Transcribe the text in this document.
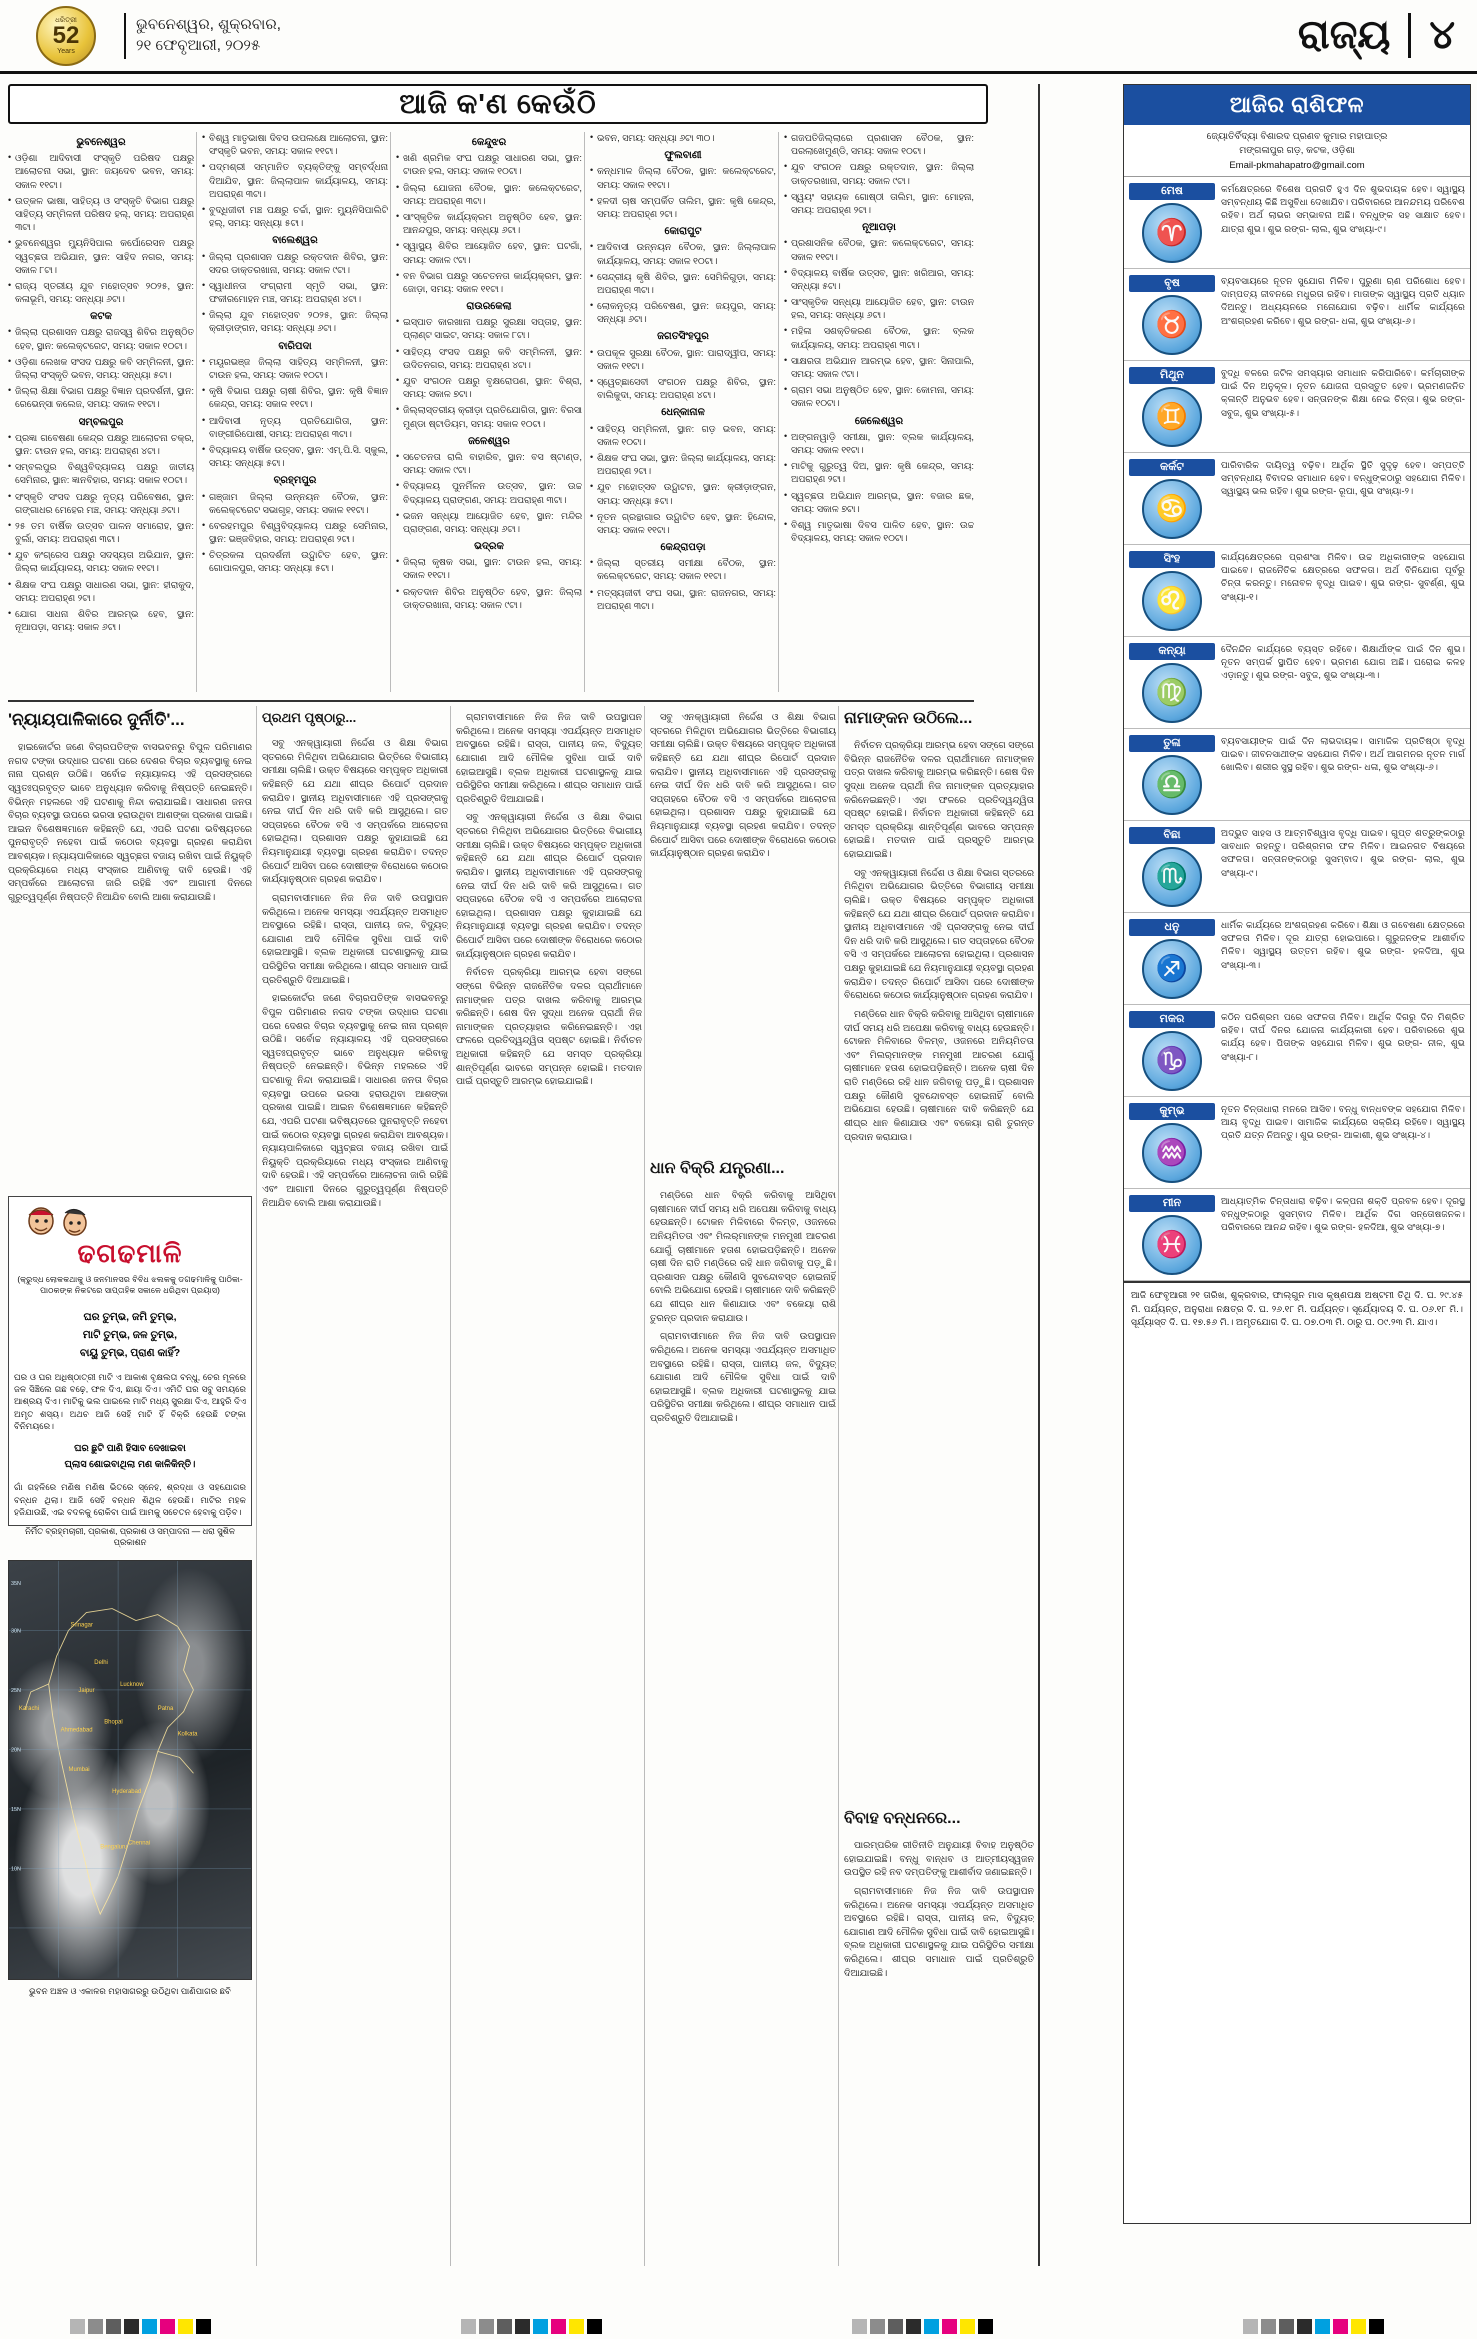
ଧରିତ୍ରୀ
52
Years
ଭୁବନେଶ୍ୱର, ଶୁକ୍ରବାର,
୨୧ ଫେବୃଆରୀ, ୨୦୨୫	ରାଜ୍ୟ ୪
ଆଜି କ'ଣ କେଉଁଠି
ଭୁବନେଶ୍ୱର
• ଓଡ଼ିଶା ଆଦିବାସୀ ସଂସ୍କୃତି ପରିଷଦ ପକ୍ଷରୁ ଆଲୋଚନା ସଭା, ସ୍ଥାନ: ଜୟଦେବ ଭବନ, ସମୟ: ସକାଳ ୧୧ଟା।
• ଉତ୍କଳ ଭାଷା, ସାହିତ୍ୟ ଓ ସଂସ୍କୃତି ବିଭାଗ ପକ୍ଷରୁ ସାହିତ୍ୟ ସମ୍ମିଳନୀ ପରିଷଦ ହଲ୍, ସମୟ: ଅପରାହ୍ଣ ୩ଟା।
• ଭୁବନେଶ୍ୱର ମ୍ୟୁନିସିପାଲ କର୍ପୋରେସନ ପକ୍ଷରୁ ସ୍ୱଚ୍ଛତା ଅଭିଯାନ, ସ୍ଥାନ: ସାହିଦ ନଗର, ସମୟ: ସକାଳ ୮ଟା।
• ରାଜ୍ୟ ସ୍ତରୀୟ ଯୁବ ମହୋତ୍ସବ ୨୦୨୫, ସ୍ଥାନ: କଳାଭୂମି, ସମୟ: ସନ୍ଧ୍ୟା ୬ଟା।
କଟକ
• ଜିଲ୍ଲା ପ୍ରଶାସନ ପକ୍ଷରୁ ରାଜସ୍ୱ ଶିବିର ଅନୁଷ୍ଠିତ ହେବ, ସ୍ଥାନ: କଲେକ୍ଟରେଟ, ସମୟ: ସକାଳ ୧୦ଟା।
• ଓଡ଼ିଶା ଲେଖକ ସଂସଦ ପକ୍ଷରୁ କବି ସମ୍ମିଳନୀ, ସ୍ଥାନ: ଜିଲ୍ଲା ସଂସ୍କୃତି ଭବନ, ସମୟ: ସନ୍ଧ୍ୟା ୫ଟା।
• ଜିଲ୍ଲା ଶିକ୍ଷା ବିଭାଗ ପକ୍ଷରୁ ବିଜ୍ଞାନ ପ୍ରଦର୍ଶନୀ, ସ୍ଥାନ: ରେଭେନ୍ସା କଲେଜ, ସମୟ: ସକାଳ ୧୧ଟା।
ସମ୍ବଲପୁର
• ପ୍ରଜ୍ଞା ଗବେଷଣା କେନ୍ଦ୍ର ପକ୍ଷରୁ ଆଲୋଚନା ଚକ୍ର, ସ୍ଥାନ: ଟାଉନ ହଲ, ସମୟ: ଅପରାହ୍ଣ ୪ଟା।
• ସମ୍ବଲପୁର ବିଶ୍ୱବିଦ୍ୟାଳୟ ପକ୍ଷରୁ ଜାତୀୟ ସେମିନାର, ସ୍ଥାନ: ଜ୍ଞାନବିହାର, ସମୟ: ସକାଳ ୧୦ଟା।
• ସଂସ୍କୃତି ସଂସଦ ପକ୍ଷରୁ ନୃତ୍ୟ ପରିବେଷଣ, ସ୍ଥାନ: ଗଙ୍ଗାଧର ମେହେର ମଞ୍ଚ, ସମୟ: ସନ୍ଧ୍ୟା ୬ଟା।
• ୨୫ ତମ ବାର୍ଷିକ ଉତ୍ସବ ପାଳନ ସମାରୋହ, ସ୍ଥାନ: ବୁର୍ଲା, ସମୟ: ଅପରାହ୍ଣ ୩ଟା।
• ଯୁବ କଂଗ୍ରେସ ପକ୍ଷରୁ ସଦସ୍ୟତା ଅଭିଯାନ, ସ୍ଥାନ: ଜିଲ୍ଲା କାର୍ଯ୍ୟାଳୟ, ସମୟ: ସକାଳ ୧୧ଟା।
• ଶିକ୍ଷକ ସଂଘ ପକ୍ଷରୁ ସାଧାରଣ ସଭା, ସ୍ଥାନ: ହୀରାକୁଦ, ସମୟ: ଅପରାହ୍ଣ ୨ଟା।
• ଯୋଗ ସାଧନା ଶିବିର ଆରମ୍ଭ ହେବ, ସ୍ଥାନ: ନୂଆପଡ଼ା, ସମୟ: ସକାଳ ୬ଟା।
• ବିଶ୍ୱ ମାତୃଭାଷା ଦିବସ ଉପଲକ୍ଷେ ଆଲୋଚନା, ସ୍ଥାନ: ସଂସ୍କୃତି ଭବନ, ସମୟ: ସକାଳ ୧୧ଟା।
• ପଦ୍ମଶ୍ରୀ ସମ୍ମାନିତ ବ୍ୟକ୍ତିଙ୍କୁ ସମ୍ବର୍ଦ୍ଧନା ଦିଆଯିବ, ସ୍ଥାନ: ଜିଲ୍ଲାପାଳ କାର୍ଯ୍ୟାଳୟ, ସମୟ: ଅପରାହ୍ଣ ୩ଟା।
• ବୁଦ୍ଧିଜୀବୀ ମଞ୍ଚ ପକ୍ଷରୁ ଚର୍ଚ୍ଚା, ସ୍ଥାନ: ମ୍ୟୁନିସିପାଲିଟି ହଲ୍, ସମୟ: ସନ୍ଧ୍ୟା ୫ଟା।
ବାଲେଶ୍ୱର
• ଜିଲ୍ଲା ପ୍ରଶାସନ ପକ୍ଷରୁ ରକ୍ତଦାନ ଶିବିର, ସ୍ଥାନ: ସଦର ଡାକ୍ତରଖାନା, ସମୟ: ସକାଳ ୯ଟା।
• ସ୍ୱାଧୀନତା ସଂଗ୍ରାମୀ ସ୍ମୃତି ସଭା, ସ୍ଥାନ: ଫକୀରମୋହନ ମଞ୍ଚ, ସମୟ: ଅପରାହ୍ଣ ୪ଟା।
• ଜିଲ୍ଲା ଯୁବ ମହୋତ୍ସବ ୨୦୨୫, ସ୍ଥାନ: ଜିଲ୍ଲା କ୍ରୀଡ଼ାଙ୍ଗନ, ସମୟ: ସନ୍ଧ୍ୟା ୬ଟା।
ବାରିପଦା
• ମୟୂରଭଞ୍ଜ ଜିଲ୍ଲା ସାହିତ୍ୟ ସମ୍ମିଳନୀ, ସ୍ଥାନ: ଟାଉନ ହଲ, ସମୟ: ସକାଳ ୧୦ଟା।
• କୃଷି ବିଭାଗ ପକ୍ଷରୁ ଚାଷୀ ଶିବିର, ସ୍ଥାନ: କୃଷି ବିଜ୍ଞାନ କେନ୍ଦ୍ର, ସମୟ: ସକାଳ ୧୧ଟା।
• ଆଦିବାସୀ ନୃତ୍ୟ ପ୍ରତିଯୋଗିତା, ସ୍ଥାନ: ବାଙ୍ଗୀରିପୋଷୀ, ସମୟ: ଅପରାହ୍ଣ ୩ଟା।
• ବିଦ୍ୟାଳୟ ବାର୍ଷିକ ଉତ୍ସବ, ସ୍ଥାନ: ଏମ୍.ପି.ସି. ସ୍କୁଲ, ସମୟ: ସନ୍ଧ୍ୟା ୫ଟା।
ବ୍ରହ୍ମପୁର
• ଗଞ୍ଜାମ ଜିଲ୍ଲା ଉନ୍ନୟନ ବୈଠକ, ସ୍ଥାନ: କଲେକ୍ଟରେଟ ସଭାଗୃହ, ସମୟ: ସକାଳ ୧୧ଟା।
• ବେରହମପୁର ବିଶ୍ୱବିଦ୍ୟାଳୟ ପକ୍ଷରୁ ସେମିନାର, ସ୍ଥାନ: ଭଞ୍ଜବିହାର, ସମୟ: ଅପରାହ୍ଣ ୨ଟା।
• ଚିତ୍ରକଳା ପ୍ରଦର୍ଶନୀ ଉଦ୍ଘାଟିତ ହେବ, ସ୍ଥାନ: ଗୋପାଳପୁର, ସମୟ: ସନ୍ଧ୍ୟା ୫ଟା।
କେନ୍ଦୁଝର
• ଖଣି ଶ୍ରମିକ ସଂଘ ପକ୍ଷରୁ ସାଧାରଣ ସଭା, ସ୍ଥାନ: ଟାଉନ ହଲ, ସମୟ: ସକାଳ ୧୦ଟା।
• ଜିଲ୍ଲା ଯୋଜନା ବୈଠକ, ସ୍ଥାନ: କଲେକ୍ଟରେଟ, ସମୟ: ଅପରାହ୍ଣ ୩ଟା।
• ସାଂସ୍କୃତିକ କାର୍ଯ୍ୟକ୍ରମ ଅନୁଷ୍ଠିତ ହେବ, ସ୍ଥାନ: ଆନନ୍ଦପୁର, ସମୟ: ସନ୍ଧ୍ୟା ୬ଟା।
• ସ୍ୱାସ୍ଥ୍ୟ ଶିବିର ଆୟୋଜିତ ହେବ, ସ୍ଥାନ: ଘଟଗାଁ, ସମୟ: ସକାଳ ୯ଟା।
• ବନ ବିଭାଗ ପକ୍ଷରୁ ସଚେତନତା କାର୍ଯ୍ୟକ୍ରମ, ସ୍ଥାନ: ଜୋଡ଼ା, ସମୟ: ସକାଳ ୧୧ଟା।
ରାଉରକେଲା
• ଇସ୍ପାତ କାରଖାନା ପକ୍ଷରୁ ସୁରକ୍ଷା ସପ୍ତାହ, ସ୍ଥାନ: ପ୍ଲାଣ୍ଟ ସାଇଟ, ସମୟ: ସକାଳ ୮ଟା।
• ସାହିତ୍ୟ ସଂସଦ ପକ୍ଷରୁ କବି ସମ୍ମିଳନୀ, ସ୍ଥାନ: ଉଦିତନଗର, ସମୟ: ଅପରାହ୍ଣ ୪ଟା।
• ଯୁବ ସଂଗଠନ ପକ୍ଷରୁ ବୃକ୍ଷରୋପଣ, ସ୍ଥାନ: ବିଶ୍ରା, ସମୟ: ସକାଳ ୭ଟା।
• ଜିଲ୍ଲାସ୍ତରୀୟ କ୍ରୀଡ଼ା ପ୍ରତିଯୋଗିତା, ସ୍ଥାନ: ବିରସା ମୁଣ୍ଡା ଷ୍ଟାଡିୟମ, ସମୟ: ସକାଳ ୧୦ଟା।
ଜଳେଶ୍ୱର
• ସଚେତନତା ରାଲି ବାହାରିବ, ସ୍ଥାନ: ବସ ଷ୍ଟାଣ୍ଡ, ସମୟ: ସକାଳ ୯ଟା।
• ବିଦ୍ୟାଳୟ ପୁନର୍ମିଳନ ଉତ୍ସବ, ସ୍ଥାନ: ଉଚ୍ଚ ବିଦ୍ୟାଳୟ ପ୍ରାଙ୍ଗଣ, ସମୟ: ଅପରାହ୍ଣ ୩ଟା।
• ଭଜନ ସନ୍ଧ୍ୟା ଆୟୋଜିତ ହେବ, ସ୍ଥାନ: ମନ୍ଦିର ପ୍ରାଙ୍ଗଣ, ସମୟ: ସନ୍ଧ୍ୟା ୬ଟା।
ଭଦ୍ରକ
• ଜିଲ୍ଲା କୃଷକ ସଭା, ସ୍ଥାନ: ଟାଉନ ହଲ, ସମୟ: ସକାଳ ୧୧ଟା।
• ରକ୍ତଦାନ ଶିବିର ଅନୁଷ୍ଠିତ ହେବ, ସ୍ଥାନ: ଜିଲ୍ଲା ଡାକ୍ତରଖାନା, ସମୟ: ସକାଳ ୯ଟା।
• ଭବନ, ସମୟ: ସନ୍ଧ୍ୟା ୬ଟା ୩୦।
ଫୁଲବାଣୀ
• କନ୍ଧମାଳ ଜିଲ୍ଲା ବୈଠକ, ସ୍ଥାନ: କଲେକ୍ଟରେଟ, ସମୟ: ସକାଳ ୧୧ଟା।
• ହଳଦୀ ଚାଷ ସମ୍ପର୍କିତ ତାଲିମ, ସ୍ଥାନ: କୃଷି କେନ୍ଦ୍ର, ସମୟ: ଅପରାହ୍ଣ ୨ଟା।
କୋରାପୁଟ
• ଆଦିବାସୀ ଉନ୍ନୟନ ବୈଠକ, ସ୍ଥାନ: ଜିଲ୍ଲାପାଳ କାର୍ଯ୍ୟାଳୟ, ସମୟ: ସକାଳ ୧୦ଟା।
• ସେନ୍ଦ୍ରୀୟ କୃଷି ଶିବିର, ସ୍ଥାନ: ସେମିଳିଗୁଡ଼ା, ସମୟ: ଅପରାହ୍ଣ ୩ଟା।
• ଲୋକନୃତ୍ୟ ପରିବେଷଣ, ସ୍ଥାନ: ଜୟପୁର, ସମୟ: ସନ୍ଧ୍ୟା ୬ଟା।
ଜଗତସିଂହପୁର
• ଉପକୂଳ ସୁରକ୍ଷା ବୈଠକ, ସ୍ଥାନ: ପାରାଦ୍ୱୀପ, ସମୟ: ସକାଳ ୧୧ଟା।
• ସ୍ୱେଚ୍ଛାସେବୀ ସଂଗଠନ ପକ୍ଷରୁ ଶିବିର, ସ୍ଥାନ: ବାଲିକୁଦା, ସମୟ: ଅପରାହ୍ଣ ୪ଟା।
ଧେନ୍କାନାଳ
• ସାହିତ୍ୟ ସମ୍ମିଳନୀ, ସ୍ଥାନ: ଗଡ଼ ଭବନ, ସମୟ: ସକାଳ ୧୦ଟା।
• ଶିକ୍ଷକ ସଂଘ ସଭା, ସ୍ଥାନ: ଜିଲ୍ଲା କାର୍ଯ୍ୟାଳୟ, ସମୟ: ଅପରାହ୍ଣ ୨ଟା।
• ଯୁବ ମହୋତ୍ସବ ଉଦ୍ଘାଟନ, ସ୍ଥାନ: କ୍ରୀଡ଼ାଙ୍ଗନ, ସମୟ: ସନ୍ଧ୍ୟା ୫ଟା।
• ନୂତନ ଗ୍ରନ୍ଥାଗାର ଉଦ୍ଘାଟିତ ହେବ, ସ୍ଥାନ: ହିନ୍ଦୋଳ, ସମୟ: ସକାଳ ୧୧ଟା।
କେନ୍ଦ୍ରାପଡ଼ା
• ଜିଲ୍ଲା ସ୍ତରୀୟ ସମୀକ୍ଷା ବୈଠକ, ସ୍ଥାନ: କଲେକ୍ଟରେଟ, ସମୟ: ସକାଳ ୧୧ଟା।
• ମତ୍ସ୍ୟଜୀବୀ ସଂଘ ସଭା, ସ୍ଥାନ: ରାଜନଗର, ସମୟ: ଅପରାହ୍ଣ ୩ଟା।
• ଗଜପତିଜିଲ୍ଲାରେ ପ୍ରଶାସନ ବୈଠକ, ସ୍ଥାନ: ପରଲାଖେମୁଣ୍ଡି, ସମୟ: ସକାଳ ୧୦ଟା।
• ଯୁବ ସଂଗଠନ ପକ୍ଷରୁ ରକ୍ତଦାନ, ସ୍ଥାନ: ଜିଲ୍ଲା ଡାକ୍ତରଖାନା, ସମୟ: ସକାଳ ୯ଟା।
• ସ୍ୱୟଂ ସହାୟକ ଗୋଷ୍ଠୀ ତାଲିମ, ସ୍ଥାନ: ମୋହନା, ସମୟ: ଅପରାହ୍ଣ ୨ଟା।
ନୂଆପଡ଼ା
• ପ୍ରଶାସନିକ ବୈଠକ, ସ୍ଥାନ: କଲେକ୍ଟରେଟ, ସମୟ: ସକାଳ ୧୧ଟା।
• ବିଦ୍ୟାଳୟ ବାର୍ଷିକ ଉତ୍ସବ, ସ୍ଥାନ: ଖରିଆର, ସମୟ: ସନ୍ଧ୍ୟା ୫ଟା।
• ସାଂସ୍କୃତିକ ସନ୍ଧ୍ୟା ଆୟୋଜିତ ହେବ, ସ୍ଥାନ: ଟାଉନ ହଲ, ସମୟ: ସନ୍ଧ୍ୟା ୬ଟା।
• ମହିଳା ସଶକ୍ତିକରଣ ବୈଠକ, ସ୍ଥାନ: ବ୍ଲକ କାର୍ଯ୍ୟାଳୟ, ସମୟ: ଅପରାହ୍ଣ ୩ଟା।
• ସାକ୍ଷରତା ଅଭିଯାନ ଆରମ୍ଭ ହେବ, ସ୍ଥାନ: ସିନାପାଲି, ସମୟ: ସକାଳ ୯ଟା।
• ଗ୍ରାମ ସଭା ଅନୁଷ୍ଠିତ ହେବ, ସ୍ଥାନ: କୋମନା, ସମୟ: ସକାଳ ୧୦ଟା।
ଜେଲେଶ୍ୱର
• ଅଙ୍ଗନୱାଡ଼ି ସମୀକ୍ଷା, ସ୍ଥାନ: ବ୍ଲକ କାର୍ଯ୍ୟାଳୟ, ସମୟ: ସକାଳ ୧୧ଟା।
• ମାଟିକୁ ଗୁରୁତ୍ୱ ଦିଅ, ସ୍ଥାନ: କୃଷି କେନ୍ଦ୍ର, ସମୟ: ଅପରାହ୍ଣ ୨ଟା।
• ସ୍ୱଚ୍ଛତା ଅଭିଯାନ ଆରମ୍ଭ, ସ୍ଥାନ: ବଜାର ଛକ, ସମୟ: ସକାଳ ୭ଟା।
• ବିଶ୍ୱ ମାତୃଭାଷା ଦିବସ ପାଳିତ ହେବ, ସ୍ଥାନ: ଉଚ୍ଚ ବିଦ୍ୟାଳୟ, ସମୟ: ସକାଳ ୧୦ଟା।
'ନ୍ୟାୟପାଳିକାରେ ଦୁର୍ନୀତି'...

ହାଇକୋର୍ଟର ଜଣେ ବିଚାରପତିଙ୍କ ବାସଭବନରୁ ବିପୁଳ ପରିମାଣର ନଗଦ ଟଙ୍କା ଉଦ୍ଧାର ଘଟଣା ପରେ ଦେଶର ବିଚାର ବ୍ୟବସ୍ଥାକୁ ନେଇ ନାନା ପ୍ରଶ୍ନ ଉଠିଛି। ସର୍ବୋଚ୍ଚ ନ୍ୟାୟାଳୟ ଏହି ପ୍ରସଙ୍ଗରେ ସ୍ୱତଃପ୍ରବୃତ୍ତ ଭାବେ ଅନୁଧ୍ୟାନ କରିବାକୁ ନିଷ୍ପତ୍ତି ନେଇଛନ୍ତି। ବିଭିନ୍ନ ମହଲରେ ଏହି ଘଟଣାକୁ ନିନ୍ଦା କରାଯାଇଛି। ସାଧାରଣ ଜନତା ବିଚାର ବ୍ୟବସ୍ଥା ଉପରେ ଭରସା ହରାଉଥିବା ଆଶଙ୍କା ପ୍ରକାଶ ପାଇଛି। ଆଇନ ବିଶେଷଜ୍ଞମାନେ କହିଛନ୍ତି ଯେ, ଏପରି ଘଟଣା ଭବିଷ୍ୟତରେ ପୁନରାବୃତ୍ତି ନହେବା ପାଇଁ କଠୋର ବ୍ୟବସ୍ଥା ଗ୍ରହଣ କରାଯିବା ଆବଶ୍ୟକ। ନ୍ୟାୟପାଳିକାରେ ସ୍ୱଚ୍ଛତା ବଜାୟ ରଖିବା ପାଇଁ ନିୟୁକ୍ତି ପ୍ରକ୍ରିୟାରେ ମଧ୍ୟ ସଂସ୍କାର ଆଣିବାକୁ ଦାବି ହେଉଛି। ଏହି ସମ୍ପର୍କରେ ଆଲୋଚନା ଜାରି ରହିଛି ଏବଂ ଆଗାମୀ ଦିନରେ ଗୁରୁତ୍ୱପୂର୍ଣ୍ଣ ନିଷ୍ପତ୍ତି ନିଆଯିବ ବୋଲି ଆଶା କରାଯାଉଛି।

ପ୍ରଥମ ପୃଷ୍ଠାରୁ...

ସବୁ ଏନକ୍ୱାୟାରୀ ନିର୍ଦ୍ଦେଶ ଓ ଶିକ୍ଷା ବିଭାଗ ସ୍ତରରେ ମିଳିଥିବା ଅଭିଯୋଗର ଭିତ୍ତିରେ ବିଭାଗୀୟ ସମୀକ୍ଷା ଚାଲିଛି। ଉକ୍ତ ବିଷୟରେ ସମ୍ପୃକ୍ତ ଅଧିକାରୀ କହିଛନ୍ତି ଯେ ଯଥା ଶୀଘ୍ର ରିପୋର୍ଟ ପ୍ରଦାନ କରାଯିବ। ସ୍ଥାନୀୟ ଅଧିବାସୀମାନେ ଏହି ପ୍ରସଙ୍ଗକୁ ନେଇ ଦୀର୍ଘ ଦିନ ଧରି ଦାବି କରି ଆସୁଥିଲେ। ଗତ ସପ୍ତାହରେ ବୈଠକ ବସି ଏ ସମ୍ପର୍କରେ ଆଲୋଚନା ହୋଇଥିଲା। ପ୍ରଶାସନ ପକ୍ଷରୁ କୁହାଯାଇଛି ଯେ ନିୟମାନୁଯାୟୀ ବ୍ୟବସ୍ଥା ଗ୍ରହଣ କରାଯିବ। ତଦନ୍ତ ରିପୋର୍ଟ ଆସିବା ପରେ ଦୋଷୀଙ୍କ ବିରୋଧରେ କଠୋର କାର୍ଯ୍ୟାନୁଷ୍ଠାନ ଗ୍ରହଣ କରାଯିବ।

ଗ୍ରାମବାସୀମାନେ ନିଜ ନିଜ ଦାବି ଉପସ୍ଥାପନ କରିଥିଲେ। ଅନେକ ସମସ୍ୟା ଏପର୍ଯ୍ୟନ୍ତ ଅସମାଧିତ ଅବସ୍ଥାରେ ରହିଛି। ରାସ୍ତା, ପାନୀୟ ଜଳ, ବିଦ୍ୟୁତ୍ ଯୋଗାଣ ଆଦି ମୌଳିକ ସୁବିଧା ପାଇଁ ଦାବି ହୋଇଆସୁଛି। ବ୍ଲକ ଅଧିକାରୀ ଘଟଣାସ୍ଥଳକୁ ଯାଇ ପରିସ୍ଥିତିର ସମୀକ୍ଷା କରିଥିଲେ। ଶୀଘ୍ର ସମାଧାନ ପାଇଁ ପ୍ରତିଶ୍ରୁତି ଦିଆଯାଇଛି।

ହାଇକୋର୍ଟର ଜଣେ ବିଚାରପତିଙ୍କ ବାସଭବନରୁ ବିପୁଳ ପରିମାଣର ନଗଦ ଟଙ୍କା ଉଦ୍ଧାର ଘଟଣା ପରେ ଦେଶର ବିଚାର ବ୍ୟବସ୍ଥାକୁ ନେଇ ନାନା ପ୍ରଶ୍ନ ଉଠିଛି। ସର୍ବୋଚ୍ଚ ନ୍ୟାୟାଳୟ ଏହି ପ୍ରସଙ୍ଗରେ ସ୍ୱତଃପ୍ରବୃତ୍ତ ଭାବେ ଅନୁଧ୍ୟାନ କରିବାକୁ ନିଷ୍ପତ୍ତି ନେଇଛନ୍ତି। ବିଭିନ୍ନ ମହଲରେ ଏହି ଘଟଣାକୁ ନିନ୍ଦା କରାଯାଇଛି। ସାଧାରଣ ଜନତା ବିଚାର ବ୍ୟବସ୍ଥା ଉପରେ ଭରସା ହରାଉଥିବା ଆଶଙ୍କା ପ୍ରକାଶ ପାଇଛି। ଆଇନ ବିଶେଷଜ୍ଞମାନେ କହିଛନ୍ତି ଯେ, ଏପରି ଘଟଣା ଭବିଷ୍ୟତରେ ପୁନରାବୃତ୍ତି ନହେବା ପାଇଁ କଠୋର ବ୍ୟବସ୍ଥା ଗ୍ରହଣ କରାଯିବା ଆବଶ୍ୟକ। ନ୍ୟାୟପାଳିକାରେ ସ୍ୱଚ୍ଛତା ବଜାୟ ରଖିବା ପାଇଁ ନିୟୁକ୍ତି ପ୍ରକ୍ରିୟାରେ ମଧ୍ୟ ସଂସ୍କାର ଆଣିବାକୁ ଦାବି ହେଉଛି। ଏହି ସମ୍ପର୍କରେ ଆଲୋଚନା ଜାରି ରହିଛି ଏବଂ ଆଗାମୀ ଦିନରେ ଗୁରୁତ୍ୱପୂର୍ଣ୍ଣ ନିଷ୍ପତ୍ତି ନିଆଯିବ ବୋଲି ଆଶା କରାଯାଉଛି।

ଗ୍ରାମବାସୀମାନେ ନିଜ ନିଜ ଦାବି ଉପସ୍ଥାପନ କରିଥିଲେ। ଅନେକ ସମସ୍ୟା ଏପର୍ଯ୍ୟନ୍ତ ଅସମାଧିତ ଅବସ୍ଥାରେ ରହିଛି। ରାସ୍ତା, ପାନୀୟ ଜଳ, ବିଦ୍ୟୁତ୍ ଯୋଗାଣ ଆଦି ମୌଳିକ ସୁବିଧା ପାଇଁ ଦାବି ହୋଇଆସୁଛି। ବ୍ଲକ ଅଧିକାରୀ ଘଟଣାସ୍ଥଳକୁ ଯାଇ ପରିସ୍ଥିତିର ସମୀକ୍ଷା କରିଥିଲେ। ଶୀଘ୍ର ସମାଧାନ ପାଇଁ ପ୍ରତିଶ୍ରୁତି ଦିଆଯାଇଛି।

ସବୁ ଏନକ୍ୱାୟାରୀ ନିର୍ଦ୍ଦେଶ ଓ ଶିକ୍ଷା ବିଭାଗ ସ୍ତରରେ ମିଳିଥିବା ଅଭିଯୋଗର ଭିତ୍ତିରେ ବିଭାଗୀୟ ସମୀକ୍ଷା ଚାଲିଛି। ଉକ୍ତ ବିଷୟରେ ସମ୍ପୃକ୍ତ ଅଧିକାରୀ କହିଛନ୍ତି ଯେ ଯଥା ଶୀଘ୍ର ରିପୋର୍ଟ ପ୍ରଦାନ କରାଯିବ। ସ୍ଥାନୀୟ ଅଧିବାସୀମାନେ ଏହି ପ୍ରସଙ୍ଗକୁ ନେଇ ଦୀର୍ଘ ଦିନ ଧରି ଦାବି କରି ଆସୁଥିଲେ। ଗତ ସପ୍ତାହରେ ବୈଠକ ବସି ଏ ସମ୍ପର୍କରେ ଆଲୋଚନା ହୋଇଥିଲା। ପ୍ରଶାସନ ପକ୍ଷରୁ କୁହାଯାଇଛି ଯେ ନିୟମାନୁଯାୟୀ ବ୍ୟବସ୍ଥା ଗ୍ରହଣ କରାଯିବ। ତଦନ୍ତ ରିପୋର୍ଟ ଆସିବା ପରେ ଦୋଷୀଙ୍କ ବିରୋଧରେ କଠୋର କାର୍ଯ୍ୟାନୁଷ୍ଠାନ ଗ୍ରହଣ କରାଯିବ।

ନିର୍ବାଚନ ପ୍ରକ୍ରିୟା ଆରମ୍ଭ ହେବା ସଙ୍ଗେ ସଙ୍ଗେ ବିଭିନ୍ନ ରାଜନୈତିକ ଦଳର ପ୍ରାର୍ଥୀମାନେ ନାମାଙ୍କନ ପତ୍ର ଦାଖଲ କରିବାକୁ ଆରମ୍ଭ କରିଛନ୍ତି। ଶେଷ ଦିନ ସୁଦ୍ଧା ଅନେକ ପ୍ରାର୍ଥୀ ନିଜ ନାମାଙ୍କନ ପ୍ରତ୍ୟାହାର କରିନେଇଛନ୍ତି। ଏହା ଫଳରେ ପ୍ରତିଦ୍ୱନ୍ଦ୍ୱିତା ସ୍ପଷ୍ଟ ହୋଇଛି। ନିର୍ବାଚନ ଅଧିକାରୀ କହିଛନ୍ତି ଯେ ସମସ୍ତ ପ୍ରକ୍ରିୟା ଶାନ୍ତିପୂର୍ଣ୍ଣ ଭାବରେ ସମ୍ପନ୍ନ ହୋଇଛି। ମତଦାନ ପାଇଁ ପ୍ରସ୍ତୁତି ଆରମ୍ଭ ହୋଇଯାଇଛି।

ସବୁ ଏନକ୍ୱାୟାରୀ ନିର୍ଦ୍ଦେଶ ଓ ଶିକ୍ଷା ବିଭାଗ ସ୍ତରରେ ମିଳିଥିବା ଅଭିଯୋଗର ଭିତ୍ତିରେ ବିଭାଗୀୟ ସମୀକ୍ଷା ଚାଲିଛି। ଉକ୍ତ ବିଷୟରେ ସମ୍ପୃକ୍ତ ଅଧିକାରୀ କହିଛନ୍ତି ଯେ ଯଥା ଶୀଘ୍ର ରିପୋର୍ଟ ପ୍ରଦାନ କରାଯିବ। ସ୍ଥାନୀୟ ଅଧିବାସୀମାନେ ଏହି ପ୍ରସଙ୍ଗକୁ ନେଇ ଦୀର୍ଘ ଦିନ ଧରି ଦାବି କରି ଆସୁଥିଲେ। ଗତ ସପ୍ତାହରେ ବୈଠକ ବସି ଏ ସମ୍ପର୍କରେ ଆଲୋଚନା ହୋଇଥିଲା। ପ୍ରଶାସନ ପକ୍ଷରୁ କୁହାଯାଇଛି ଯେ ନିୟମାନୁଯାୟୀ ବ୍ୟବସ୍ଥା ଗ୍ରହଣ କରାଯିବ। ତଦନ୍ତ ରିପୋର୍ଟ ଆସିବା ପରେ ଦୋଷୀଙ୍କ ବିରୋଧରେ କଠୋର କାର୍ଯ୍ୟାନୁଷ୍ଠାନ ଗ୍ରହଣ କରାଯିବ।

ଧାନ ବିକ୍ରି ଯନ୍ତ୍ରଣା...

ମଣ୍ଡିରେ ଧାନ ବିକ୍ରି କରିବାକୁ ଆସିଥିବା ଚାଷୀମାନେ ଦୀର୍ଘ ସମୟ ଧରି ଅପେକ୍ଷା କରିବାକୁ ବାଧ୍ୟ ହେଉଛନ୍ତି। ଟୋକନ ମିଳିବାରେ ବିଳମ୍ବ, ଓଜନରେ ଅନିୟମିତତା ଏବଂ ମିଲର୍‌ମାନଙ୍କ ମନମୁଖୀ ଆଚରଣ ଯୋଗୁଁ ଚାଷୀମାନେ ହତାଶ ହୋଇପଡ଼ିଛନ୍ତି। ଅନେକ ଚାଷୀ ଦିନ ରାତି ମଣ୍ଡିରେ ରହି ଧାନ ଜଗିବାକୁ ପଡ଼ୁଛି। ପ୍ରଶାସନ ପକ୍ଷରୁ କୌଣସି ସୁବନ୍ଦୋବସ୍ତ ହୋଇନାହିଁ ବୋଲି ଅଭିଯୋଗ ହେଉଛି। ଚାଷୀମାନେ ଦାବି କରିଛନ୍ତି ଯେ ଶୀଘ୍ର ଧାନ କିଣାଯାଉ ଏବଂ ବକେୟା ରାଶି ତୁରନ୍ତ ପ୍ରଦାନ କରାଯାଉ।

ଗ୍ରାମବାସୀମାନେ ନିଜ ନିଜ ଦାବି ଉପସ୍ଥାପନ କରିଥିଲେ। ଅନେକ ସମସ୍ୟା ଏପର୍ଯ୍ୟନ୍ତ ଅସମାଧିତ ଅବସ୍ଥାରେ ରହିଛି। ରାସ୍ତା, ପାନୀୟ ଜଳ, ବିଦ୍ୟୁତ୍ ଯୋଗାଣ ଆଦି ମୌଳିକ ସୁବିଧା ପାଇଁ ଦାବି ହୋଇଆସୁଛି। ବ୍ଲକ ଅଧିକାରୀ ଘଟଣାସ୍ଥଳକୁ ଯାଇ ପରିସ୍ଥିତିର ସମୀକ୍ଷା କରିଥିଲେ। ଶୀଘ୍ର ସମାଧାନ ପାଇଁ ପ୍ରତିଶ୍ରୁତି ଦିଆଯାଇଛି।

ନାମାଙ୍କନ ଉଠିଲେ...

ନିର୍ବାଚନ ପ୍ରକ୍ରିୟା ଆରମ୍ଭ ହେବା ସଙ୍ଗେ ସଙ୍ଗେ ବିଭିନ୍ନ ରାଜନୈତିକ ଦଳର ପ୍ରାର୍ଥୀମାନେ ନାମାଙ୍କନ ପତ୍ର ଦାଖଲ କରିବାକୁ ଆରମ୍ଭ କରିଛନ୍ତି। ଶେଷ ଦିନ ସୁଦ୍ଧା ଅନେକ ପ୍ରାର୍ଥୀ ନିଜ ନାମାଙ୍କନ ପ୍ରତ୍ୟାହାର କରିନେଇଛନ୍ତି। ଏହା ଫଳରେ ପ୍ରତିଦ୍ୱନ୍ଦ୍ୱିତା ସ୍ପଷ୍ଟ ହୋଇଛି। ନିର୍ବାଚନ ଅଧିକାରୀ କହିଛନ୍ତି ଯେ ସମସ୍ତ ପ୍ରକ୍ରିୟା ଶାନ୍ତିପୂର୍ଣ୍ଣ ଭାବରେ ସମ୍ପନ୍ନ ହୋଇଛି। ମତଦାନ ପାଇଁ ପ୍ରସ୍ତୁତି ଆରମ୍ଭ ହୋଇଯାଇଛି।

ସବୁ ଏନକ୍ୱାୟାରୀ ନିର୍ଦ୍ଦେଶ ଓ ଶିକ୍ଷା ବିଭାଗ ସ୍ତରରେ ମିଳିଥିବା ଅଭିଯୋଗର ଭିତ୍ତିରେ ବିଭାଗୀୟ ସମୀକ୍ଷା ଚାଲିଛି। ଉକ୍ତ ବିଷୟରେ ସମ୍ପୃକ୍ତ ଅଧିକାରୀ କହିଛନ୍ତି ଯେ ଯଥା ଶୀଘ୍ର ରିପୋର୍ଟ ପ୍ରଦାନ କରାଯିବ। ସ୍ଥାନୀୟ ଅଧିବାସୀମାନେ ଏହି ପ୍ରସଙ୍ଗକୁ ନେଇ ଦୀର୍ଘ ଦିନ ଧରି ଦାବି କରି ଆସୁଥିଲେ। ଗତ ସପ୍ତାହରେ ବୈଠକ ବସି ଏ ସମ୍ପର୍କରେ ଆଲୋଚନା ହୋଇଥିଲା। ପ୍ରଶାସନ ପକ୍ଷରୁ କୁହାଯାଇଛି ଯେ ନିୟମାନୁଯାୟୀ ବ୍ୟବସ୍ଥା ଗ୍ରହଣ କରାଯିବ। ତଦନ୍ତ ରିପୋର୍ଟ ଆସିବା ପରେ ଦୋଷୀଙ୍କ ବିରୋଧରେ କଠୋର କାର୍ଯ୍ୟାନୁଷ୍ଠାନ ଗ୍ରହଣ କରାଯିବ।

ମଣ୍ଡିରେ ଧାନ ବିକ୍ରି କରିବାକୁ ଆସିଥିବା ଚାଷୀମାନେ ଦୀର୍ଘ ସମୟ ଧରି ଅପେକ୍ଷା କରିବାକୁ ବାଧ୍ୟ ହେଉଛନ୍ତି। ଟୋକନ ମିଳିବାରେ ବିଳମ୍ବ, ଓଜନରେ ଅନିୟମିତତା ଏବଂ ମିଲର୍‌ମାନଙ୍କ ମନମୁଖୀ ଆଚରଣ ଯୋଗୁଁ ଚାଷୀମାନେ ହତାଶ ହୋଇପଡ଼ିଛନ୍ତି। ଅନେକ ଚାଷୀ ଦିନ ରାତି ମଣ୍ଡିରେ ରହି ଧାନ ଜଗିବାକୁ ପଡ଼ୁଛି। ପ୍ରଶାସନ ପକ୍ଷରୁ କୌଣସି ସୁବନ୍ଦୋବସ୍ତ ହୋଇନାହିଁ ବୋଲି ଅଭିଯୋଗ ହେଉଛି। ଚାଷୀମାନେ ଦାବି କରିଛନ୍ତି ଯେ ଶୀଘ୍ର ଧାନ କିଣାଯାଉ ଏବଂ ବକେୟା ରାଶି ତୁରନ୍ତ ପ୍ରଦାନ କରାଯାଉ।

ବିବାହ ବନ୍ଧନରେ...

ପାରମ୍ପରିକ ରୀତିନୀତି ଅନୁଯାୟୀ ବିବାହ ଅନୁଷ୍ଠିତ ହୋଇଯାଇଛି। ବନ୍ଧୁ ବାନ୍ଧବ ଓ ଆତ୍ମୀୟସ୍ୱଜନ ଉପସ୍ଥିତ ରହି ନବ ଦମ୍ପତିଙ୍କୁ ଆଶୀର୍ବାଦ ଜଣାଇଛନ୍ତି।

ଗ୍ରାମବାସୀମାନେ ନିଜ ନିଜ ଦାବି ଉପସ୍ଥାପନ କରିଥିଲେ। ଅନେକ ସମସ୍ୟା ଏପର୍ଯ୍ୟନ୍ତ ଅସମାଧିତ ଅବସ୍ଥାରେ ରହିଛି। ରାସ୍ତା, ପାନୀୟ ଜଳ, ବିଦ୍ୟୁତ୍ ଯୋଗାଣ ଆଦି ମୌଳିକ ସୁବିଧା ପାଇଁ ଦାବି ହୋଇଆସୁଛି। ବ୍ଲକ ଅଧିକାରୀ ଘଟଣାସ୍ଥଳକୁ ଯାଇ ପରିସ୍ଥିତିର ସମୀକ୍ଷା କରିଥିଲେ। ଶୀଘ୍ର ସମାଧାନ ପାଇଁ ପ୍ରତିଶ୍ରୁତି ଦିଆଯାଇଛି।

ଢଗଢମାଳି
(କ୍ରୁଦ୍ଧ ଲୋକକଥାକୁ ଓ ଜନମାନସର ବିବିଧ ଝଲକକୁ ଡଗଢମାଳିକୁ ପାଠିକା-ପାଠକଙ୍କ ନିକଟରେ ସାପ୍ତାହିକ ସକାଳେ ଧରିଥିବା ପ୍ରୟାସ)
ଘର ତୁମ୍ଭ, ଜମି ତୁମ୍ଭ,
ମାଟି ତୁମ୍ଭ, ଜଳ ତୁମ୍ଭ,
ବାୟୁ ତୁମ୍ଭ, ପ୍ରାଣ କାହିଁ?
ଘର ଓ ଘର ଅଧିଷ୍ଠାତ୍ରୀ ମାଟି ଏ ଆକାଶ ବୃକ୍ଷଲତା ବନ୍ଧୁ, ଚେର ମୂଳରେ ଜଳ ସିଞ୍ଚିଲେ ଗଛ ବଢ଼େ, ଫଳ ଦିଏ, ଛାୟା ଦିଏ। ଏମିତି ଘର ସବୁ ସମୟରେ ଆଶ୍ରୟ ଦିଏ। ମାଟିକୁ ଭଲ ପାଇଲେ ମାଟି ମଧ୍ୟ ସୁରକ୍ଷା ଦିଏ, ଆହୁରି ଦିଏ ଅମୃତ ଶସ୍ୟ। ଅଥଚ ଆଜି ସେହି ମାଟି ହିଁ ବିକ୍ରି ହେଉଛି ଟଙ୍କା ବିନିମୟରେ।
ଘର ଛୁଟି ପାଣି ହିସାବ ଦେଖାଇବା
ଘ୍ଲାସ ଶୋଇବାଥିଲା ମଣ କାଳିକିନ୍ତି।
ଗାଁ ଗହଳିରେ ମଣିଷ ମଣିଷ ଭିତରେ ସ୍ନେହ, ଶ୍ରଦ୍ଧା ଓ ସହଯୋଗର ବନ୍ଧନ ଥିଲା। ଆଜି ସେହି ବନ୍ଧନ ଶିଥିଳ ହେଉଛି। ମାଟିର ମହକ ହଜିଯାଉଛି, ଏଇ ବଦଳକୁ ରୋକିବା ପାଇଁ ଆମକୁ ସଚେତନ ହେବାକୁ ପଡ଼ିବ।
ନିର୍ମିତ ବ୍ରହ୍ମଚାରୀ, ପ୍ରକାଶ, ପ୍ରକାଶ ଓ ସମ୍ପାଦନା — ଧରା ସୁଶିଳ ପ୍ରକାଶନ
Srinagar
Delhi
Jaipur
Lucknow
Patna
Kolkata
Bhopal
Ahmedabad
Mumbai
Hyderabad
Bengaluru
Chennai
Karachi
10N
15N
20N
25N
30N
35N
ଭୁବନ ଅଞ୍ଚଳ ଓ ଏକାଳର ମହାସାଗରରୁ ଉଠିଥିବା ପାଣିପାଗର ଛବି
ଆଜିର ରାଶିଫଳ
ଜ୍ୟୋତିର୍ବିଦ୍ୟା ବିଶାରଦ ପ୍ରଣବ କୁମାର ମହାପାତ୍ର
ମଙ୍ଗଳାପୁର ଗଡ଼, କଟକ, ଓଡ଼ିଶା
Email-pkmahapatro@gmail.com
ମେଷ
♈
କର୍ମକ୍ଷେତ୍ରରେ ବିଶେଷ ପ୍ରଗତି ହୁଏ ଦିନ ଶୁଭଦାୟକ ହେବ। ସ୍ୱାସ୍ଥ୍ୟ ସମ୍ବନ୍ଧୀୟ କିଛି ଅସୁବିଧା ଦେଖାଯିବ। ପରିବାରରେ ଆନନ୍ଦମୟ ପରିବେଶ ରହିବ। ଅର୍ଥ ଲାଭର ସମ୍ଭାବନା ଅଛି। ବନ୍ଧୁଙ୍କ ସହ ସାକ୍ଷାତ ହେବ। ଯାତ୍ରା ଶୁଭ। ଶୁଭ ରଙ୍ଗ- ଲାଲ, ଶୁଭ ସଂଖ୍ୟା-୯।
ବୃଷ
♉
ବ୍ୟବସାୟରେ ନୂତନ ସୁଯୋଗ ମିଳିବ। ପୁରୁଣା ଋଣ ପରିଶୋଧ ହେବ। ଦାମ୍ପତ୍ୟ ଜୀବନରେ ମଧୁରତା ରହିବ। ମାତାଙ୍କ ସ୍ୱାସ୍ଥ୍ୟ ପ୍ରତି ଧ୍ୟାନ ଦିଅନ୍ତୁ। ଅଧ୍ୟୟନରେ ମନୋଯୋଗ ବଢ଼ିବ। ଧାର୍ମିକ କାର୍ଯ୍ୟରେ ଅଂଶଗ୍ରହଣ କରିବେ। ଶୁଭ ରଙ୍ଗ- ଧଳା, ଶୁଭ ସଂଖ୍ୟା-୬।
ମିଥୁନ
♊
ବୁଦ୍ଧି ବଳରେ ଜଟିଳ ସମସ୍ୟାର ସମାଧାନ କରିପାରିବେ। କର୍ମଚାରୀଙ୍କ ପାଇଁ ଦିନ ଅନୁକୂଳ। ନୂତନ ଯୋଜନା ପ୍ରସ୍ତୁତ ହେବ। ଭ୍ରମଣଜନିତ କ୍ଳାନ୍ତି ଅନୁଭବ ହେବ। ସନ୍ତାନଙ୍କ ଶିକ୍ଷା ନେଇ ଚିନ୍ତା। ଶୁଭ ରଙ୍ଗ- ସବୁଜ, ଶୁଭ ସଂଖ୍ୟା-୫।
କର୍କଟ
♋
ପାରିବାରିକ ଦାୟିତ୍ୱ ବଢ଼ିବ। ଆର୍ଥିକ ସ୍ଥିତି ସୁଦୃଢ଼ ହେବ। ସମ୍ପତ୍ତି ସମ୍ବନ୍ଧୀୟ ବିବାଦର ସମାଧାନ ହେବ। ବନ୍ଧୁଙ୍କଠାରୁ ସହଯୋଗ ମିଳିବ। ସ୍ୱାସ୍ଥ୍ୟ ଭଲ ରହିବ। ଶୁଭ ରଙ୍ଗ- ରୂପା, ଶୁଭ ସଂଖ୍ୟା-୨।
ସିଂହ
♌
କାର୍ଯ୍ୟକ୍ଷେତ୍ରରେ ପ୍ରଶଂସା ମିଳିବ। ଉଚ୍ଚ ଅଧିକାରୀଙ୍କ ସହଯୋଗ ପାଇବେ। ରାଜନୈତିକ କ୍ଷେତ୍ରରେ ସଫଳତା। ଅର୍ଥ ବିନିଯୋଗ ପୂର୍ବରୁ ଚିନ୍ତା କରନ୍ତୁ। ମନୋବଳ ବୃଦ୍ଧି ପାଇବ। ଶୁଭ ରଙ୍ଗ- ସୁବର୍ଣ୍ଣ, ଶୁଭ ସଂଖ୍ୟା-୧।
କନ୍ୟା
♍
ଦୈନନ୍ଦିନ କାର୍ଯ୍ୟରେ ବ୍ୟସ୍ତ ରହିବେ। ଶିକ୍ଷାର୍ଥୀଙ୍କ ପାଇଁ ଦିନ ଶୁଭ। ନୂତନ ସମ୍ପର୍କ ସ୍ଥାପିତ ହେବ। ଭ୍ରମଣ ଯୋଗ ଅଛି। ଘରୋଇ କଳହ ଏଡ଼ାନ୍ତୁ। ଶୁଭ ରଙ୍ଗ- ସବୁଜ, ଶୁଭ ସଂଖ୍ୟା-୩।
ତୁଳା
♎
ବ୍ୟବସାୟୀଙ୍କ ପାଇଁ ଦିନ ଲାଭଦାୟକ। ସାମାଜିକ ପ୍ରତିଷ୍ଠା ବୃଦ୍ଧି ପାଇବ। ଜୀବନସାଥୀଙ୍କ ସହଯୋଗ ମିଳିବ। ଅର୍ଥ ଆଗମନର ନୂତନ ମାର୍ଗ ଖୋଲିବ। ଶରୀର ସୁସ୍ଥ ରହିବ। ଶୁଭ ରଙ୍ଗ- ଧଳା, ଶୁଭ ସଂଖ୍ୟା-୬।
ବିଛା
♏
ଅଦ୍ଭୁତ ସାହସ ଓ ଆତ୍ମବିଶ୍ୱାସ ବୃଦ୍ଧି ପାଇବ। ଗୁପ୍ତ ଶତ୍ରୁଙ୍କଠାରୁ ସାବଧାନ ରହନ୍ତୁ। ପରିଶ୍ରମର ଫଳ ମିଳିବ। ଆଇନଗତ ବିଷୟରେ ସଫଳତା। ସନ୍ତାନଙ୍କଠାରୁ ସୁସମ୍ବାଦ। ଶୁଭ ରଙ୍ଗ- ଲାଲ, ଶୁଭ ସଂଖ୍ୟା-୯।
ଧନୁ
♐
ଧାର୍ମିକ କାର୍ଯ୍ୟରେ ଅଂଶଗ୍ରହଣ କରିବେ। ଶିକ୍ଷା ଓ ଗବେଷଣା କ୍ଷେତ୍ରରେ ସଫଳତା ମିଳିବ। ଦୂର ଯାତ୍ରା ହୋଇପାରେ। ଗୁରୁଜନଙ୍କ ଆଶୀର୍ବାଦ ମିଳିବ। ସ୍ୱାସ୍ଥ୍ୟ ଉତ୍ତମ ରହିବ। ଶୁଭ ରଙ୍ଗ- ହଳଦିଆ, ଶୁଭ ସଂଖ୍ୟା-୩।
ମକର
♑
କଠିନ ପରିଶ୍ରମ ପରେ ସଫଳତା ମିଳିବ। ଆର୍ଥିକ ଦିଗରୁ ଦିନ ମିଶ୍ରିତ ରହିବ। ଦୀର୍ଘ ଦିନର ଯୋଜନା କାର୍ଯ୍ୟକାରୀ ହେବ। ପରିବାରରେ ଶୁଭ କାର୍ଯ୍ୟ ହେବ। ପିତାଙ୍କ ସହଯୋଗ ମିଳିବ। ଶୁଭ ରଙ୍ଗ- ନୀଳ, ଶୁଭ ସଂଖ୍ୟା-୮।
କୁମ୍ଭ
♒
ନୂତନ ଚିନ୍ତାଧାରା ମନରେ ଆସିବ। ବନ୍ଧୁ ବାନ୍ଧବଙ୍କ ସହଯୋଗ ମିଳିବ। ଆୟ ବୃଦ୍ଧି ପାଇବ। ସାମାଜିକ କାର୍ଯ୍ୟରେ ସକ୍ରିୟ ରହିବେ। ସ୍ୱାସ୍ଥ୍ୟ ପ୍ରତି ଯତ୍ନ ନିଅନ୍ତୁ। ଶୁଭ ରଙ୍ଗ- ଆକାଶୀ, ଶୁଭ ସଂଖ୍ୟା-୪।
ମୀନ
♓
ଆଧ୍ୟାତ୍ମିକ ଚିନ୍ତାଧାରା ବଢ଼ିବ। କଳ୍ପନା ଶକ୍ତି ପ୍ରବଳ ହେବ। ଦୂରସ୍ଥ ବନ୍ଧୁଙ୍କଠାରୁ ସୁସମ୍ବାଦ ମିଳିବ। ଆର୍ଥିକ ଦିଗ ସନ୍ତୋଷଜନକ। ପରିବାରରେ ଆନନ୍ଦ ରହିବ। ଶୁଭ ରଙ୍ଗ- ହଳଦିଆ, ଶୁଭ ସଂଖ୍ୟା-୭।
ଆଜି ଫେବୃଆରୀ ୨୧ ତାରିଖ, ଶୁକ୍ରବାର, ଫାଲ୍‌ଗୁନ ମାସ କୃଷ୍ଣପକ୍ଷ ଅଷ୍ଟମୀ ତିଥି ଦି. ଘ. ୨୯.୪୫ ମି. ପର୍ଯ୍ୟନ୍ତ, ଅନୁରାଧା ନକ୍ଷତ୍ର ଦି. ଘ. ୨୬.୧୮ ମି. ପର୍ଯ୍ୟନ୍ତ। ସୂର୍ଯ୍ୟୋଦୟ ଦି. ଘ. ୦୬.୧୮ ମି.। ସୂର୍ଯ୍ୟାସ୍ତ ଦି. ଘ. ୧୭.୫୬ ମି.। ଅମୃତଯୋଗ ଦି. ଘ. ୦୭.୦୩ ମି. ଠାରୁ ଘ. ୦୯.୨୩ ମି. ଯାଏ।
